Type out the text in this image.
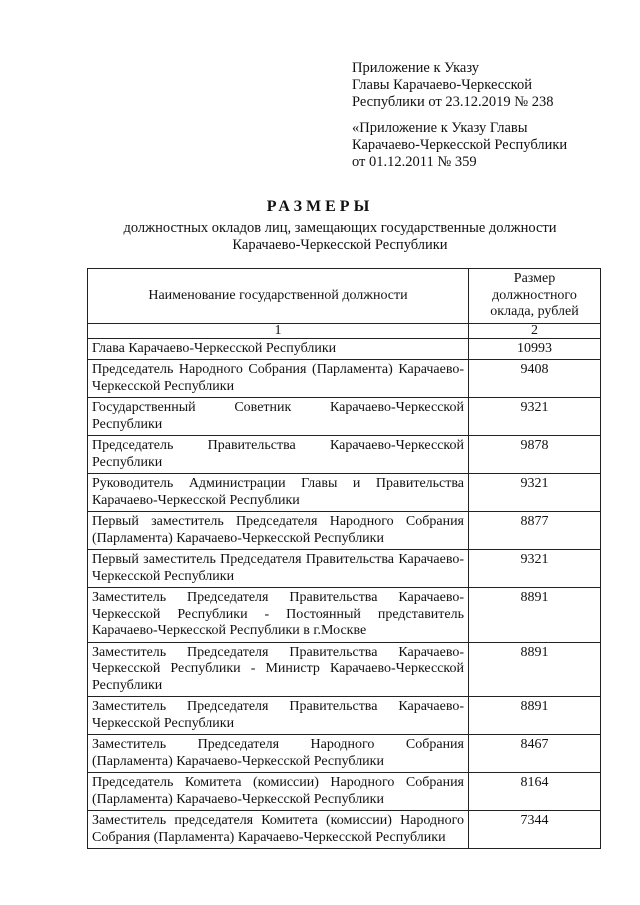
Приложение к Указу
Главы Карачаево-Черкесской
Республики от 23.12.2019 № 238
«Приложение к Указу Главы
Карачаево-Черкесской Республики
от 01.12.2011 № 359
РАЗМЕРЫ
должностных окладов лиц, замещающих государственные должности
Карачаево-Черкесской Республики
Наименование государственной должности	Размер должностного оклада, рублей
1	2
Глава Карачаево-Черкесской Республики	10993
Председатель Народного Собрания (Парламента) Карачаево-Черкесской Республики	9408
Государственный Советник Карачаево-Черкесской Республики	9321
Председатель Правительства Карачаево-Черкесской Республики	9878
Руководитель Администрации Главы и Правительства Карачаево-Черкесской Республики	9321
Первый заместитель Председателя Народного Собрания (Парламента) Карачаево-Черкесской Республики	8877
Первый заместитель Председателя Правительства Карачаево-Черкесской Республики	9321
Заместитель Председателя Правительства Карачаево-Черкесской Республики - Постоянный представитель Карачаево-Черкесской Республики в г.Москве	8891
Заместитель Председателя Правительства Карачаево-Черкесской Республики - Министр Карачаево-Черкесской Республики	8891
Заместитель Председателя Правительства Карачаево-Черкесской Республики	8891
Заместитель Председателя Народного Собрания (Парламента) Карачаево-Черкесской Республики	8467
Председатель Комитета (комиссии) Народного Собрания (Парламента) Карачаево-Черкесской Республики	8164
Заместитель председателя Комитета (комиссии) Народного Собрания (Парламента) Карачаево-Черкесской Республики	7344
